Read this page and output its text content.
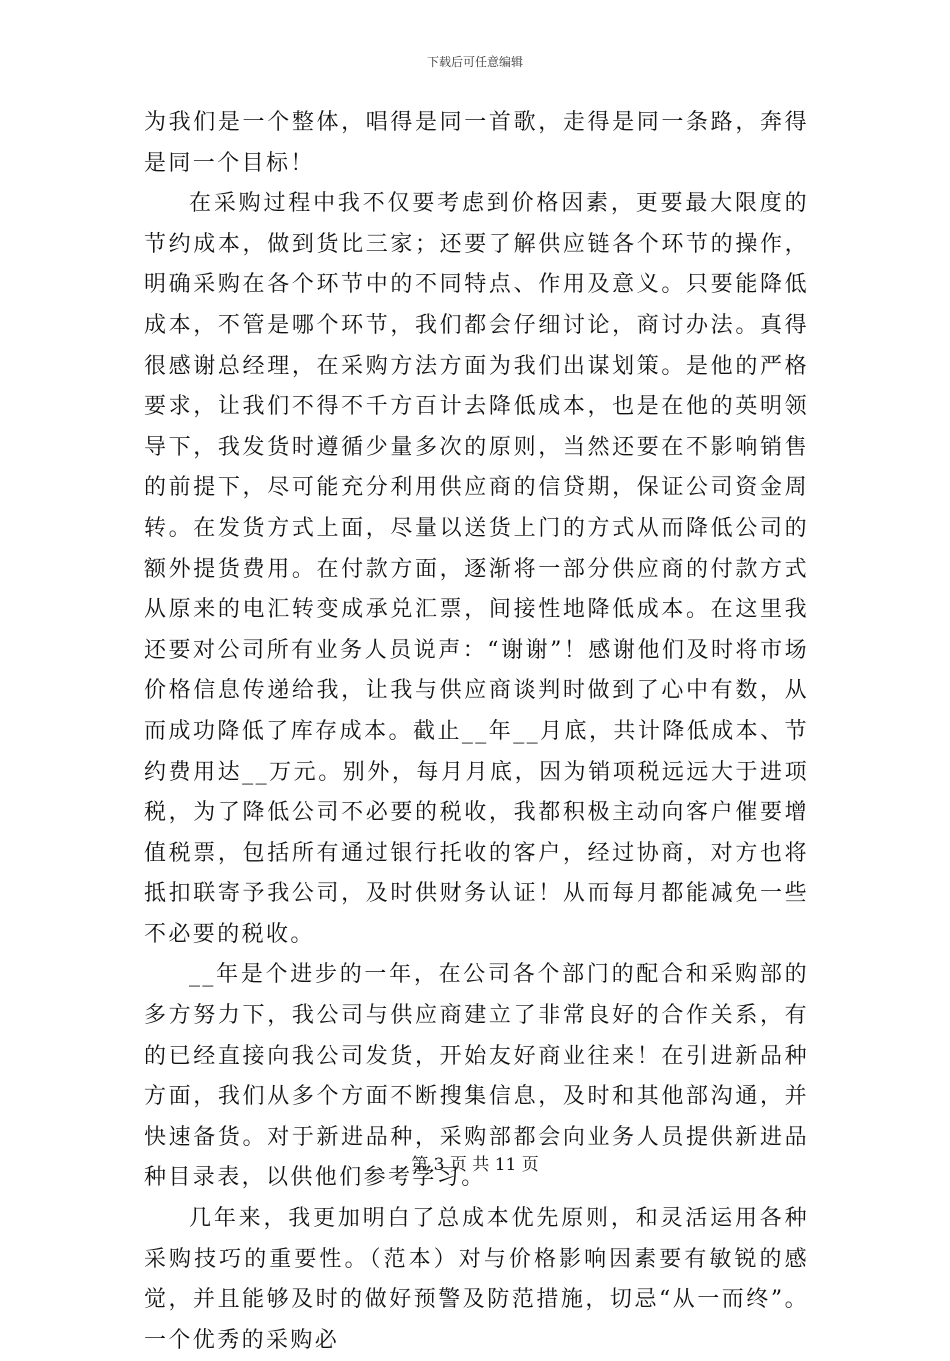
下载后可任意编辑

为我们是一个整体，唱得是同一首歌，走得是同一条路，奔得是同一个目标！

在采购过程中我不仅要考虑到价格因素，更要最大限度的节约成本，做到货比三家；还要了解供应链各个环节的操作，明确采购在各个环节中的不同特点、作用及意义。只要能降低成本，不管是哪个环节，我们都会仔细讨论，商讨办法。真得很感谢总经理，在采购方法方面为我们出谋划策。是他的严格要求，让我们不得不千方百计去降低成本，也是在他的英明领导下，我发货时遵循少量多次的原则，当然还要在不影响销售的前提下，尽可能充分利用供应商的信贷期，保证公司资金周转。在发货方式上面，尽量以送货上门的方式从而降低公司的额外提货费用。在付款方面，逐渐将一部分供应商的付款方式从原来的电汇转变成承兑汇票，间接性地降低成本。在这里我还要对公司所有业务人员说声：“谢谢”！感谢他们及时将市场价格信息传递给我，让我与供应商谈判时做到了心中有数，从而成功降低了库存成本。截止__年__月底，共计降低成本、节约费用达__万元。别外，每月月底，因为销项税远远大于进项税，为了降低公司不必要的税收，我都积极主动向客户催要增值税票，包括所有通过银行托收的客户，经过协商，对方也将抵扣联寄予我公司，及时供财务认证！从而每月都能减免一些不必要的税收。

__年是个进步的一年，在公司各个部门的配合和采购部的多方努力下，我公司与供应商建立了非常良好的合作关系，有的已经直接向我公司发货，开始友好商业往来！在引进新品种方面，我们从多个方面不断搜集信息，及时和其他部沟通，并快速备货。对于新进品种，采购部都会向业务人员提供新进品种目录表，以供他们参考学习。

几年来，我更加明白了总成本优先原则，和灵活运用各种采购技巧的重要性。（范本）对与价格影响因素要有敏锐的感觉，并且能够及时的做好预警及防范措施，切忌“从一而终”。一个优秀的采购必

第 3 页 共 11 页
